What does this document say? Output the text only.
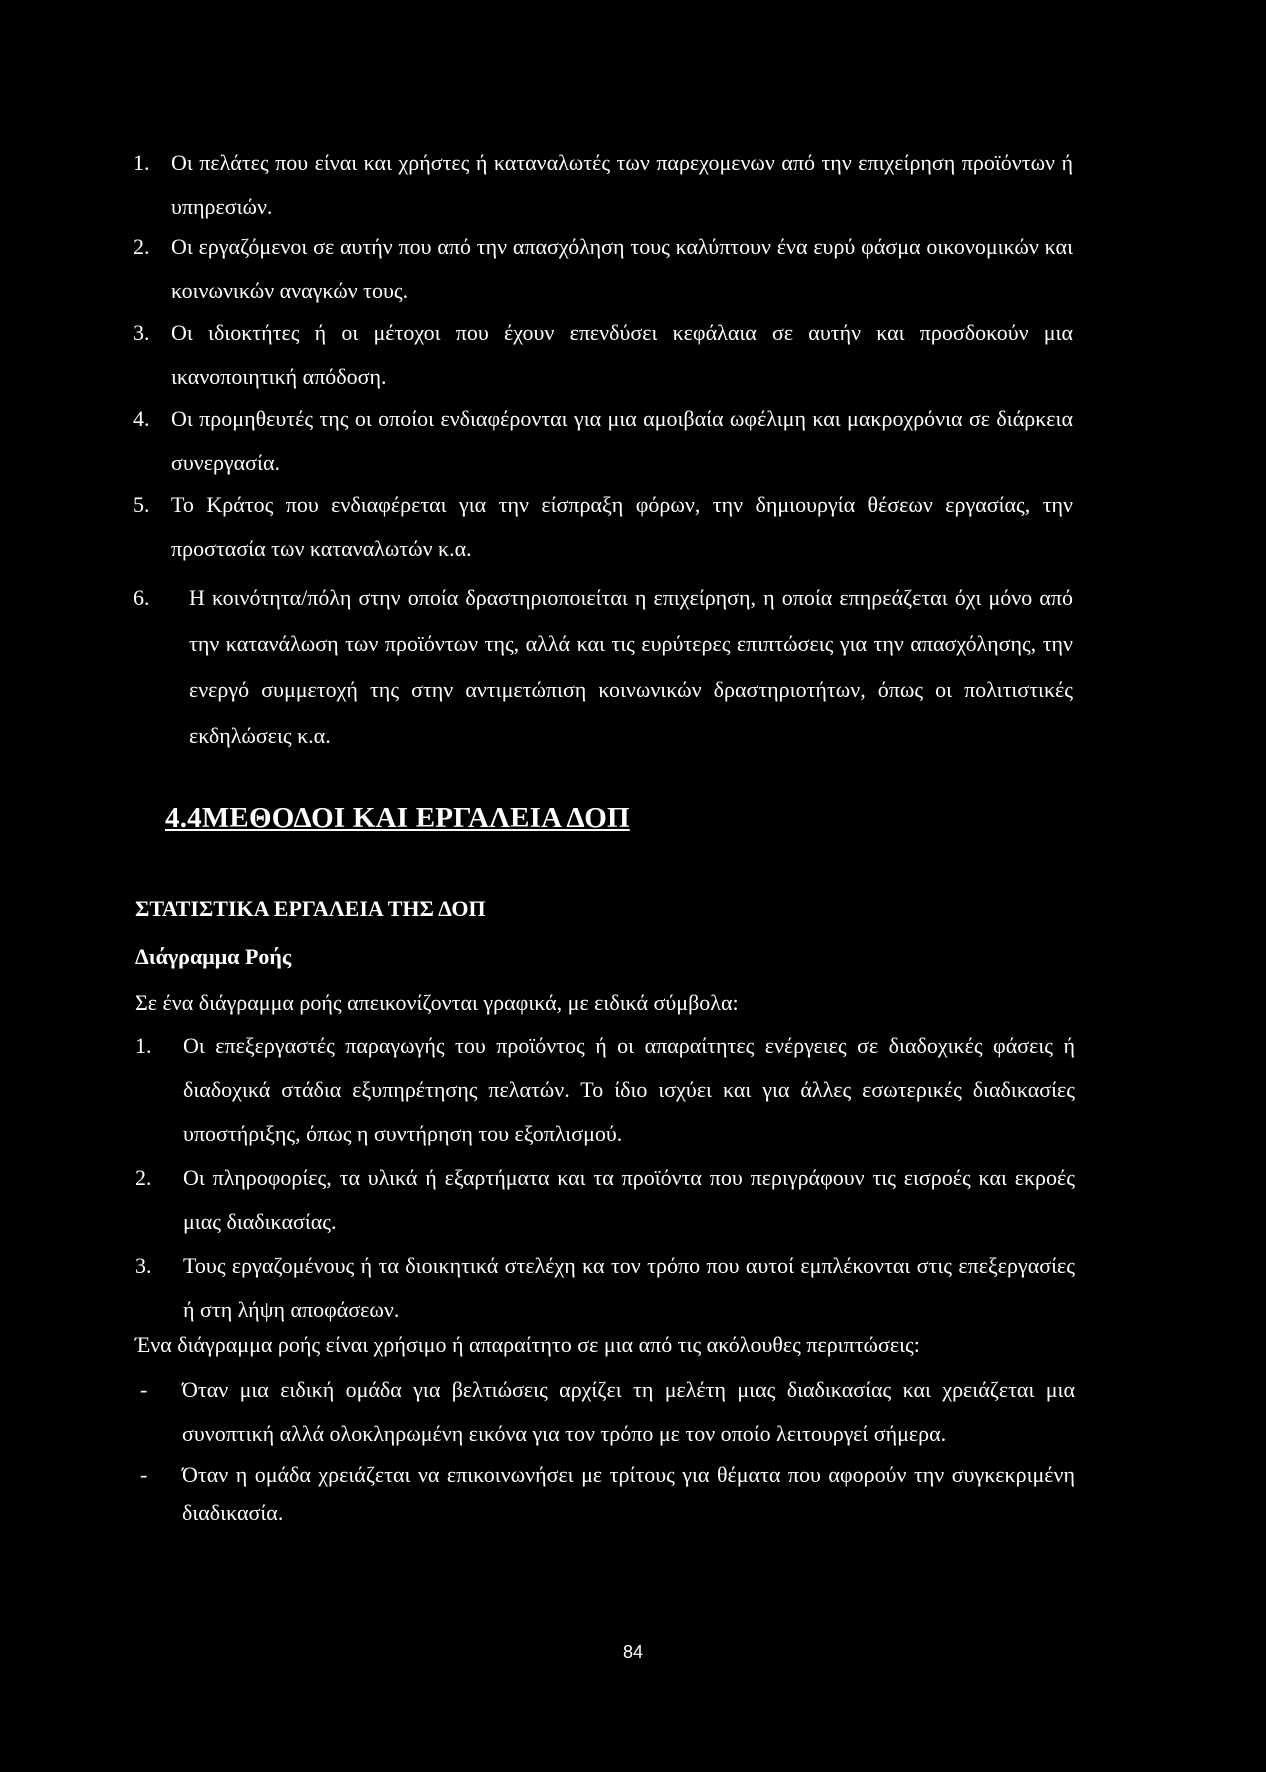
1. Οι πελάτες που είναι και χρήστες ή καταναλωτές των παρεχομενων από την επιχείρηση προϊόντων ή υπηρεσιών.
2. Οι εργαζόμενοι σε αυτήν που από την απασχόληση τους καλύπτουν ένα ευρύ φάσμα οικονομικών και κοινωνικών αναγκών τους.
3. Οι ιδιοκτήτες ή οι μέτοχοι που έχουν επενδύσει κεφάλαια σε αυτήν και προσδοκούν μια ικανοποιητική απόδοση.
4. Οι προμηθευτές της οι οποίοι ενδιαφέρονται για μια αμοιβαία ωφέλιμη και μακροχρόνια σε διάρκεια συνεργασία.
5. Το Κράτος που ενδιαφέρεται για την είσπραξη φόρων, την δημιουργία θέσεων εργασίας, την προστασία των καταναλωτών κ.α.
6.	Η κοινότητα/πόλη στην οποία δραστηριοποιείται η επιχείρηση, η οποία επηρεάζεται όχι μόνο από την κατανάλωση των προϊόντων της, αλλά και τις ευρύτερες επιπτώσεις για την απασχόλησης, την ενεργό συμμετοχή της στην αντιμετώπιση κοινωνικών δραστηριοτήτων, όπως οι πολιτιστικές εκδηλώσεις κ.α.
4.4ΜΕΘΟΔΟΙ ΚΑΙ ΕΡΓΑΛΕΙΑ ΔΟΠ
ΣΤΑΤΙΣΤΙΚΑ ΕΡΓΑΛΕΙΑ ΤΗΣ ΔΟΠ
Διάγραμμα Ροής
Σε ένα διάγραμμα ροής απεικονίζονται γραφικά, με ειδικά σύμβολα:
1.	Οι επεξεργαστές παραγωγής του προϊόντος ή οι απαραίτητες ενέργειες σε διαδοχικές φάσεις ή διαδοχικά στάδια εξυπηρέτησης πελατών. Το ίδιο ισχύει και για άλλες εσωτερικές διαδικασίες υποστήριξης, όπως η συντήρηση του εξοπλισμού.
2.	Οι πληροφορίες, τα υλικά ή εξαρτήματα και τα προϊόντα που περιγράφουν τις εισροές και εκροές μιας διαδικασίας.
3.	Τους εργαζομένους ή τα διοικητικά στελέχη κα τον τρόπο που αυτοί εμπλέκονται στις επεξεργασίες ή στη λήψη αποφάσεων.
Ένα διάγραμμα ροής είναι χρήσιμο ή απαραίτητο σε μια από τις ακόλουθες περιπτώσεις:
-	Όταν μια ειδική ομάδα για βελτιώσεις αρχίζει τη μελέτη μιας διαδικασίας και χρειάζεται μια συνοπτική αλλά ολοκληρωμένη εικόνα για τον τρόπο με τον οποίο λειτουργεί σήμερα.
-	Όταν η ομάδα χρειάζεται να επικοινωνήσει με τρίτους για θέματα που αφορούν την συγκεκριμένη διαδικασία.
84
